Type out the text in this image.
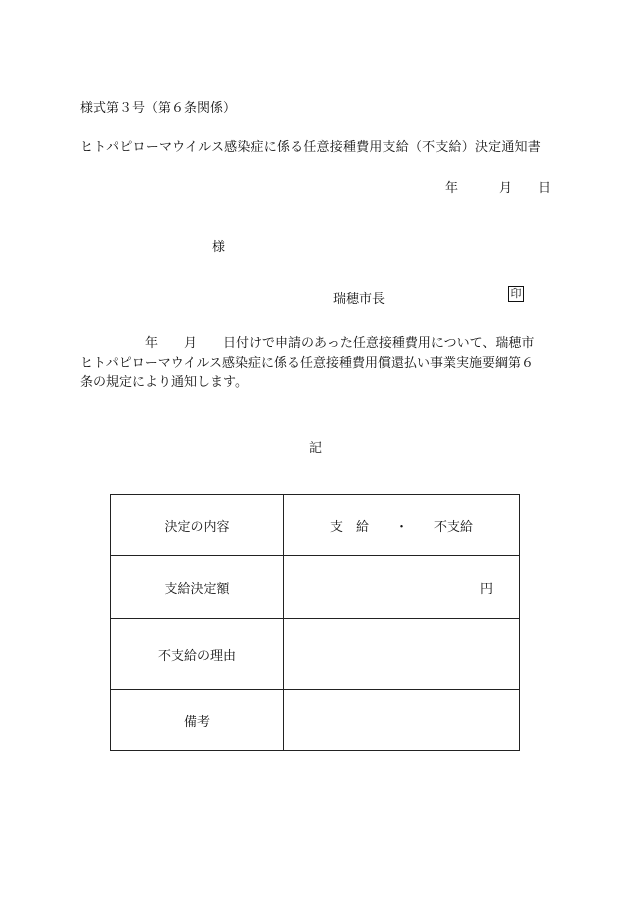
様式第３号（第６条関係）
ヒトパピローマウイルス感染症に係る任意接種費用支給（不支給）決定通知書
年	月 日
様
瑞穂市長	印
　　　　　年　　月　　日付けで申請のあった任意接種費用について、瑞穂市
ヒトパピローマウイルス感染症に係る任意接種費用償還払い事業実施要綱第６
条の規定により通知します。
記
決定の内容	支　給　　・　　不支給
支給決定額	円
不支給の理由	
備考	
